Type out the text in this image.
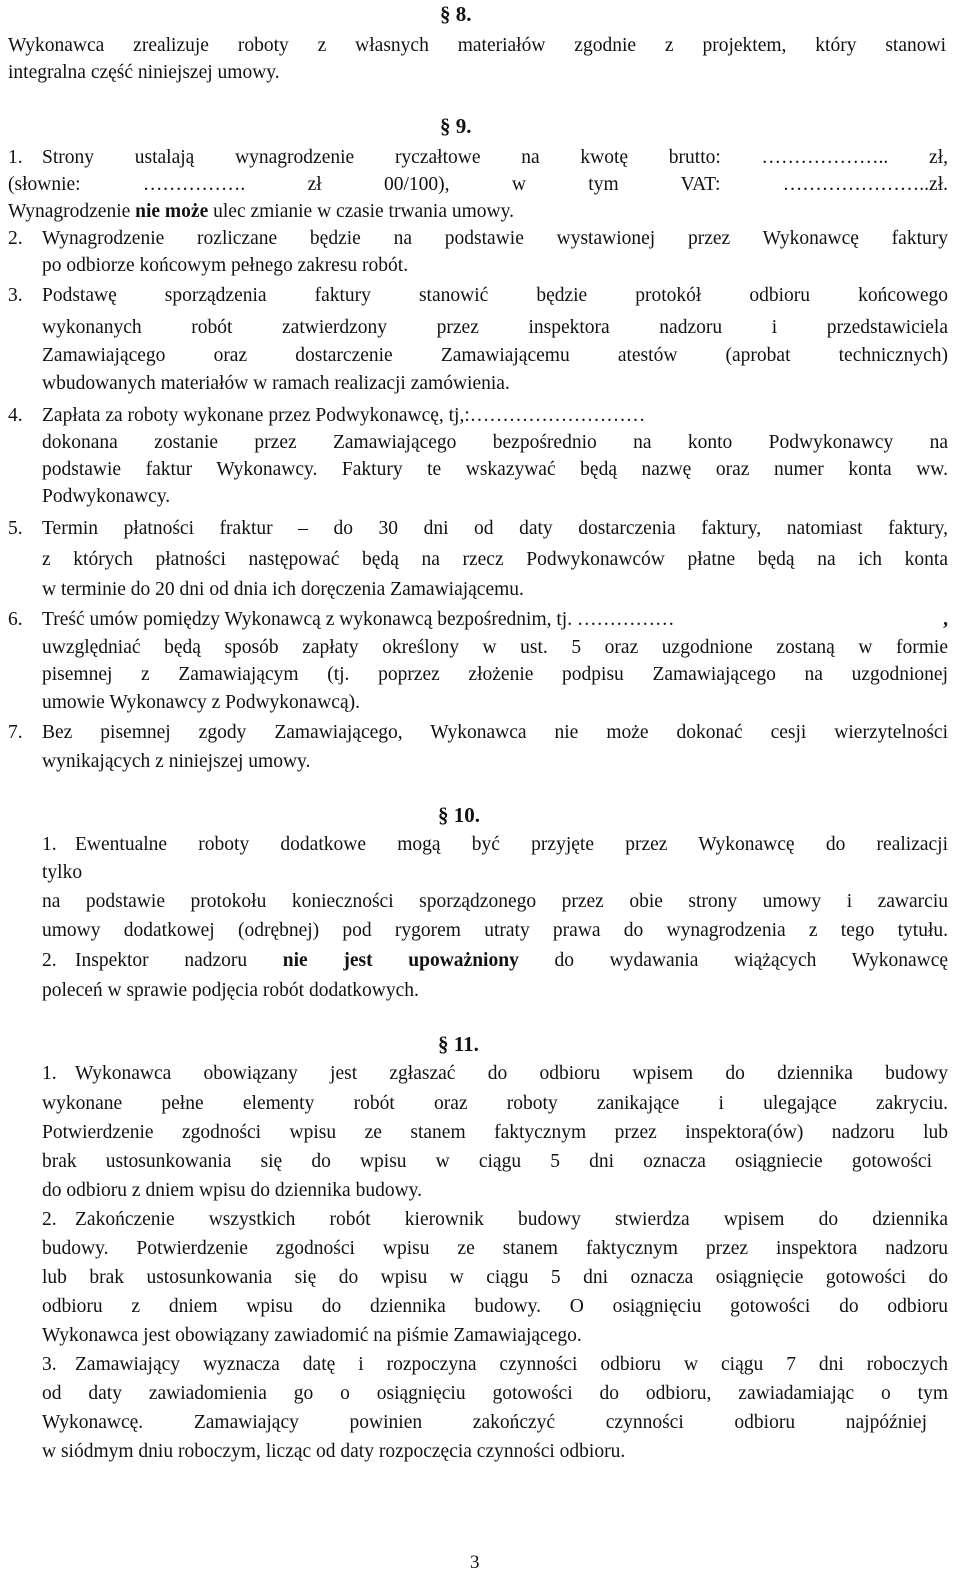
§ 8.
Wykonawca zrealizuje roboty z własnych materiałów zgodnie z projektem, który stanowi
integralna część niniejszej umowy.
§ 9.
1. Strony ustalają wynagrodzenie ryczałtowe na kwotę brutto: ……………….. zł,
(słownie: ……………. zł 00/100), w tym VAT: …………………..zł.
Wynagrodzenie nie może ulec zmianie w czasie trwania umowy.
2. Wynagrodzenie rozliczane będzie na podstawie wystawionej przez Wykonawcę faktury
po odbiorze końcowym pełnego zakresu robót.
3. Podstawę sporządzenia faktury stanowić będzie protokół odbioru końcowego
wykonanych robót zatwierdzony przez inspektora nadzoru i przedstawiciela
Zamawiającego oraz dostarczenie Zamawiającemu atestów (aprobat technicznych)
wbudowanych materiałów w ramach realizacji zamówienia.
4. Zapłata za roboty wykonane przez Podwykonawcę, tj,:………………………
dokonana zostanie przez Zamawiającego bezpośrednio na konto Podwykonawcy na
podstawie faktur Wykonawcy. Faktury te wskazywać będą nazwę oraz numer konta ww.
Podwykonawcy.
5. Termin płatności fraktur – do 30 dni od daty dostarczenia faktury, natomiast faktury,
z których płatności następować będą na rzecz Podwykonawców płatne będą na ich konta
w terminie do 20 dni od dnia ich doręczenia Zamawiającemu.
6. Treść umów pomiędzy Wykonawcą z wykonawcą bezpośrednim, tj. ……………	,
uwzględniać będą sposób zapłaty określony w ust. 5 oraz uzgodnione zostaną w formie
pisemnej z Zamawiającym (tj. poprzez złożenie podpisu Zamawiającego na uzgodnionej
umowie Wykonawcy z Podwykonawcą).
7. Bez pisemnej zgody Zamawiającego, Wykonawca nie może dokonać cesji wierzytelności
wynikających z niniejszej umowy.
§ 10.
1. Ewentualne roboty dodatkowe mogą być przyjęte przez Wykonawcę do realizacji
tylko
na podstawie protokołu konieczności sporządzonego przez obie strony umowy i zawarciu
umowy dodatkowej (odrębnej) pod rygorem utraty prawa do wynagrodzenia z tego tytułu.
2. Inspektor nadzoru nie jest upoważniony do wydawania wiążących Wykonawcę
poleceń w sprawie podjęcia robót dodatkowych.
§ 11.
1. Wykonawca obowiązany jest zgłaszać do odbioru wpisem do dziennika budowy
wykonane pełne elementy robót oraz roboty zanikające i ulegające zakryciu.
Potwierdzenie zgodności wpisu ze stanem faktycznym przez inspektora(ów) nadzoru lub
brak ustosunkowania się do wpisu w ciągu 5 dni oznacza osiągniecie gotowości
do odbioru z dniem wpisu do dziennika budowy.
2. Zakończenie wszystkich robót kierownik budowy stwierdza wpisem do dziennika
budowy. Potwierdzenie zgodności wpisu ze stanem faktycznym przez inspektora nadzoru
lub brak ustosunkowania się do wpisu w ciągu 5 dni oznacza osiągnięcie gotowości do
odbioru z dniem wpisu do dziennika budowy. O osiągnięciu gotowości do odbioru
Wykonawca jest obowiązany zawiadomić na piśmie Zamawiającego.
3. Zamawiający wyznacza datę i rozpoczyna czynności odbioru w ciągu 7 dni roboczych
od daty zawiadomienia go o osiągnięciu gotowości do odbioru, zawiadamiając o tym
Wykonawcę. Zamawiający powinien zakończyć czynności odbioru najpóźniej
w siódmym dniu roboczym, licząc od daty rozpoczęcia czynności odbioru.
3
